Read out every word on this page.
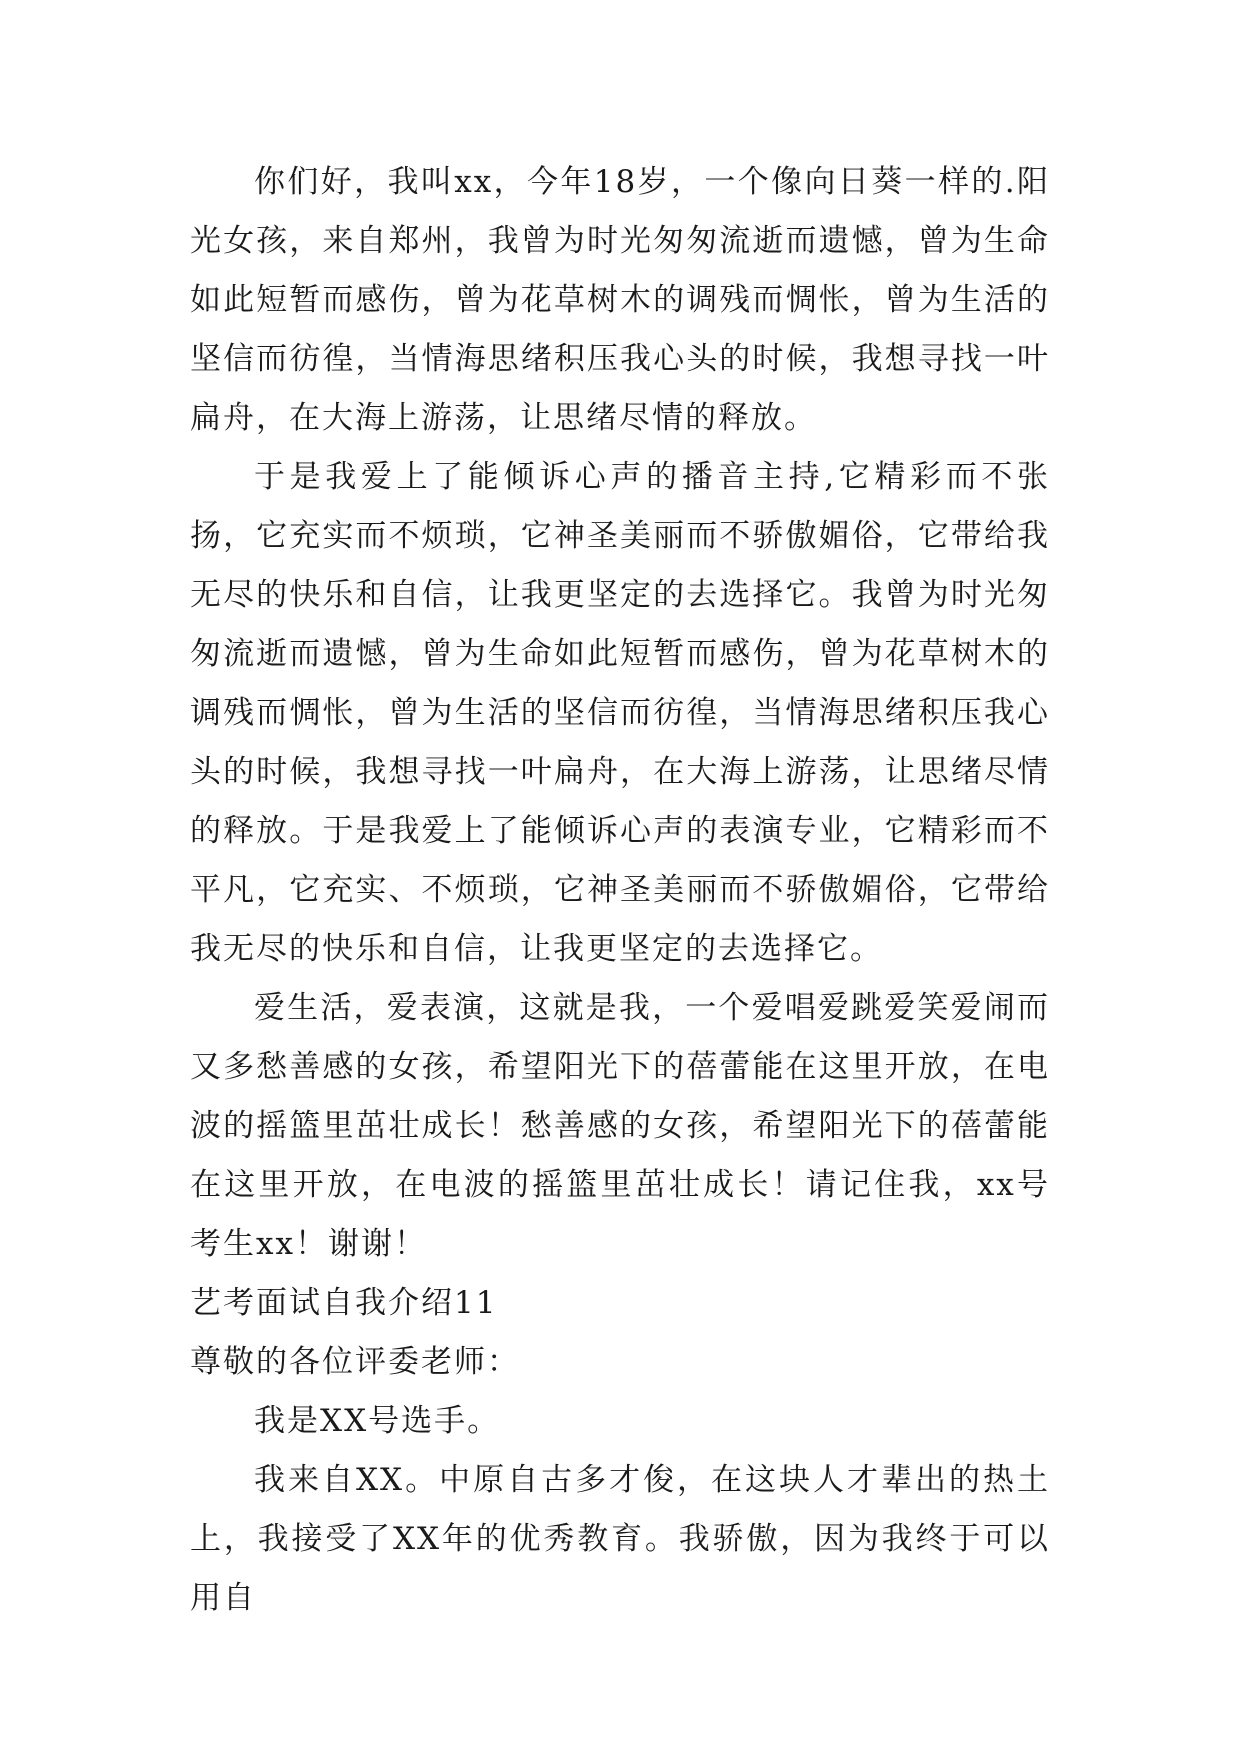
你们好，我叫xx，今年18岁，一个像向日葵一样的.阳光女孩，来自郑州，我曾为时光匆匆流逝而遗憾，曾为生命如此短暂而感伤，曾为花草树木的调残而惆怅，曾为生活的坚信而彷徨，当情海思绪积压我心头的时候，我想寻找一叶扁舟，在大海上游荡，让思绪尽情的释放。

于是我爱上了能倾诉心声的播音主持,它精彩而不张扬，它充实而不烦琐，它神圣美丽而不骄傲媚俗，它带给我无尽的快乐和自信，让我更坚定的去选择它。我曾为时光匆匆流逝而遗憾，曾为生命如此短暂而感伤，曾为花草树木的调残而惆怅，曾为生活的坚信而彷徨，当情海思绪积压我心头的时候，我想寻找一叶扁舟，在大海上游荡，让思绪尽情的释放。于是我爱上了能倾诉心声的表演专业，它精彩而不平凡，它充实、不烦琐，它神圣美丽而不骄傲媚俗，它带给我无尽的快乐和自信，让我更坚定的去选择它。

爱生活，爱表演，这就是我，一个爱唱爱跳爱笑爱闹而又多愁善感的女孩，希望阳光下的蓓蕾能在这里开放，在电波的摇篮里茁壮成长！愁善感的女孩，希望阳光下的蓓蕾能在这里开放，在电波的摇篮里茁壮成长！请记住我，xx号考生xx！谢谢！

艺考面试自我介绍11

尊敬的各位评委老师：

我是XX号选手。

我来自XX。中原自古多才俊，在这块人才辈出的热土上，我接受了XX年的优秀教育。我骄傲，因为我终于可以用自
